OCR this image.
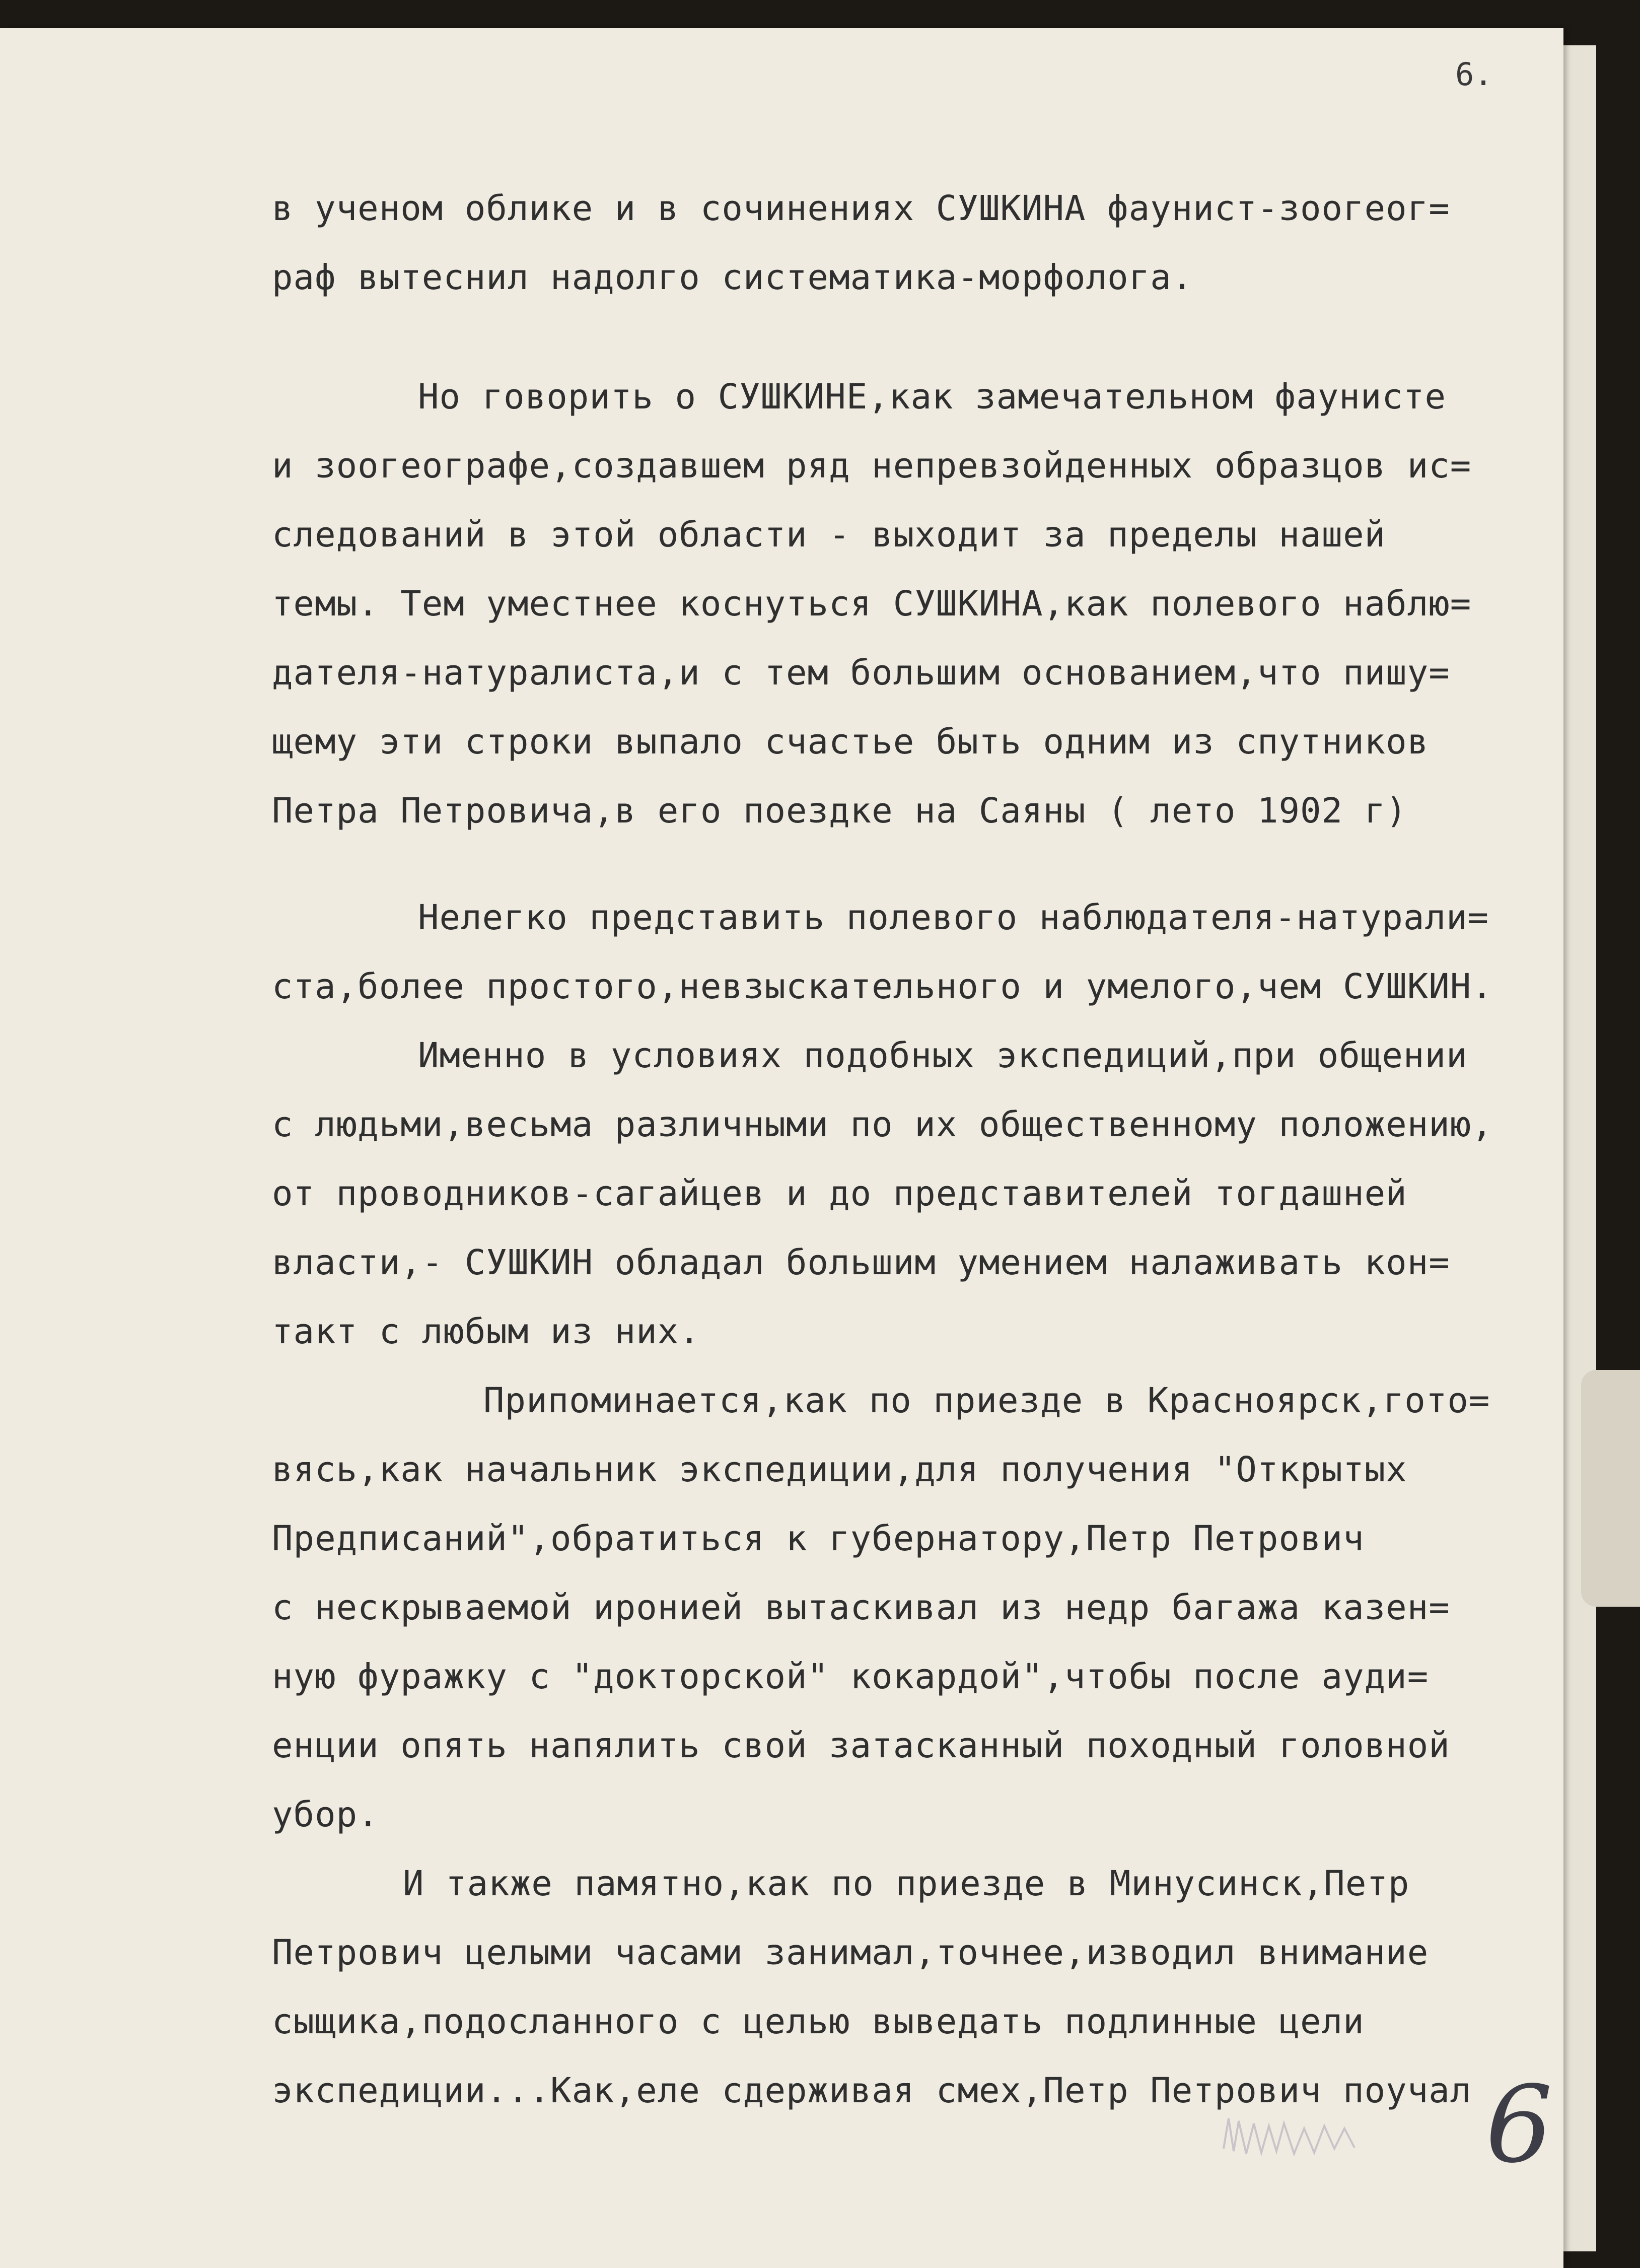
6.
в ученом облике и в сочинениях СУШКИНА фаунист-зоогеог=
раф вытеснил надолго систематика-морфолога.
Но говорить о СУШКИНЕ,как замечательном фаунисте
и зоогеографе,создавшем ряд непревзойденных образцов ис=
следований в этой области - выходит за пределы нашей
темы. Тем уместнее коснуться СУШКИНА,как полевого наблю=
дателя-натуралиста,и с тем большим основанием,что пишу=
щему эти строки выпало счастье быть одним из спутников
Петра Петровича,в его поездке на Саяны ( лето 1902 г)
Нелегко представить полевого наблюдателя-натурали=
ста,более простого,невзыскательного и умелого,чем СУШКИН.
Именно в условиях подобных экспедиций,при общении
с людьми,весьма различными по их общественному положению,
от проводников-сагайцев и до представителей тогдашней
власти,- СУШКИН обладал большим умением налаживать кон=
такт с любым из них.
Припоминается,как по приезде в Красноярск,гото=
вясь,как начальник экспедиции,для получения "Открытых
Предписаний",обратиться к губернатору,Петр Петрович
с нескрываемой иронией вытаскивал из недр багажа казен=
ную фуражку с "докторской" кокардой",чтобы после ауди=
енции опять напялить свой затасканный походный головной
убор.
И также памятно,как по приезде в Минусинск,Петр
Петрович целыми часами занимал,точнее,изводил внимание
сыщика,подосланного с целью выведать подлинные цели
экспедиции...Как,еле сдерживая смех,Петр Петрович поучал 6
